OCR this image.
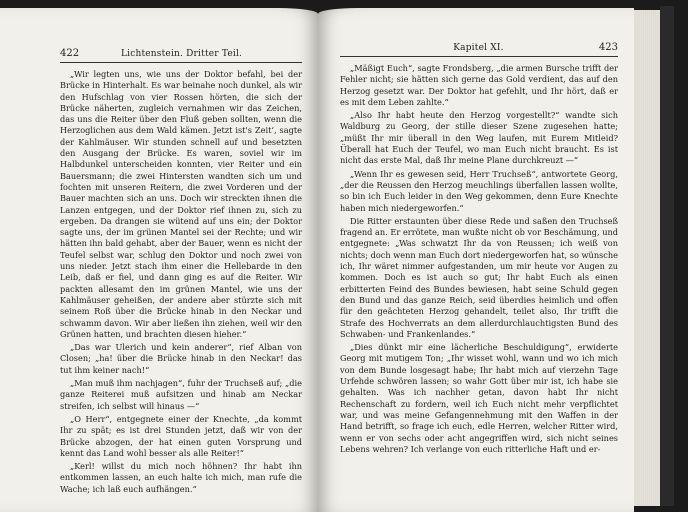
422	Lichtenstein. Dritter Teil.

„Wir legten uns, wie uns der Doktor befahl, bei der Brücke in Hinterhalt. Es war beinahe noch dunkel, als wir den Hufschlag von vier Rossen hörten, die sich der Brücke näherten, zugleich vernahmen wir das Zeichen, das uns die Reiter über den Fluß geben sollten, wenn die Herzoglichen aus dem Wald kämen. Jetzt ist's Zeit‘, sagte der Kahlmäuser. Wir stunden schnell auf und besetzten den Ausgang der Brücke. Es waren, soviel wir im Halbdunkel unterscheiden konnten, vier Reiter und ein Bauersmann; die zwei Hintersten wandten sich um und fochten mit unseren Reitern, die zwei Vorderen und der Bauer machten sich an uns. Doch wir streckten ihnen die Lanzen entgegen, und der Doktor rief ihnen zu, sich zu ergeben. Da drangen sie wütend auf uns ein; der Doktor sagte uns, der im grünen Mantel sei der Rechte; und wir hätten ihn bald gehabt, aber der Bauer, wenn es nicht der Teufel selbst war, schlug den Doktor und noch zwei von uns nieder. Jetzt stach ihm einer die Hellebarde in den Leib, daß er fiel, und dann ging es auf die Reiter. Wir packten allesamt den im grünen Mantel, wie uns der Kahlmäuser geheißen, der andere aber stürzte sich mit seinem Roß über die Brücke hinab in den Neckar und schwamm davon. Wir aber ließen ihn ziehen, weil wir den Grünen hatten, und brachten diesen hieher.“

„Das war Ulerich und kein anderer“, rief Alban von Closen; „ha! über die Brücke hinab in den Neckar! das tut ihm keiner nach!“

„Man muß ihm nachjagen“, fuhr der Truchseß auf; „die ganze Reiterei muß aufsitzen und hinab am Neckar streifen, ich selbst will hinaus —“

„O Herr“, entgegnete einer der Knechte, „da kommt Ihr zu spät; es ist drei Stunden jetzt, daß wir von der Brücke abzogen, der hat einen guten Vorsprung und kennt das Land wohl besser als alle Reiter!“

„Kerl! willst du mich noch höhnen? Ihr habt ihn entkommen lassen, an euch halte ich mich, man rufe die Wache; ich laß euch aufhängen.“

Kapitel XI.	423

„Mäßigt Euch“, sagte Frondsberg, „die armen Bursche trifft der Fehler nicht; sie hätten sich gerne das Gold verdient, das auf den Herzog gesetzt war. Der Doktor hat gefehlt, und Ihr hört, daß er es mit dem Leben zahlte.“

„Also Ihr habt heute den Herzog vorgestellt?“ wandte sich Waldburg zu Georg, der stille dieser Szene zugesehen hatte; „müßt Ihr mir überall in den Weg laufen, mit Eurem Mitleid? Überall hat Euch der Teufel, wo man Euch nicht braucht. Es ist nicht das erste Mal, daß Ihr meine Plane durchkreuzt —“

„Wenn Ihr es gewesen seid, Herr Truchseß“, antwortete Georg, „der die Reussen den Herzog meuchlings überfallen lassen wollte, so bin ich Euch leider in den Weg gekommen, denn Eure Knechte haben mich niedergeworfen.“

Die Ritter erstaunten über diese Rede und saßen den Truchseß fragend an. Er errötete, man wußte nicht ob vor Beschämung, und entgegnete: „Was schwatzt Ihr da von Reussen; ich weiß von nichts; doch wenn man Euch dort niedergeworfen hat, so wünsche ich, Ihr wäret nimmer aufgestanden, um mir heute vor Augen zu kommen. Doch es ist auch so gut; Ihr habt Euch als einen erbitterten Feind des Bundes bewiesen, habt seine Schuld gegen den Bund und das ganze Reich, seid überdies heimlich und offen für den geächteten Herzog gehandelt, teilet also, Ihr trifft die Strafe des Hochverrats an dem allerdurchlauchtigsten Bund des Schwaben- und Frankenlandes.“

„Dies dünkt mir eine lächerliche Beschuldigung“, erwiderte Georg mit mutigem Ton; „Ihr wisset wohl, wann und wo ich mich von dem Bunde losgesagt habe; Ihr habt mich auf vierzehn Tage Urfehde schwören lassen; so wahr Gott über mir ist, ich habe sie gehalten. Was ich nachher getan, davon habt Ihr nicht Rechenschaft zu fordern, weil ich Euch nicht mehr verpflichtet war, und was meine Gefangennehmung mit den Waffen in der Hand betrifft, so frage ich euch, edle Herren, welcher Ritter wird, wenn er von sechs oder acht angegriffen wird, sich nicht seines Lebens wehren? Ich verlange von euch ritterliche Haft und er-
